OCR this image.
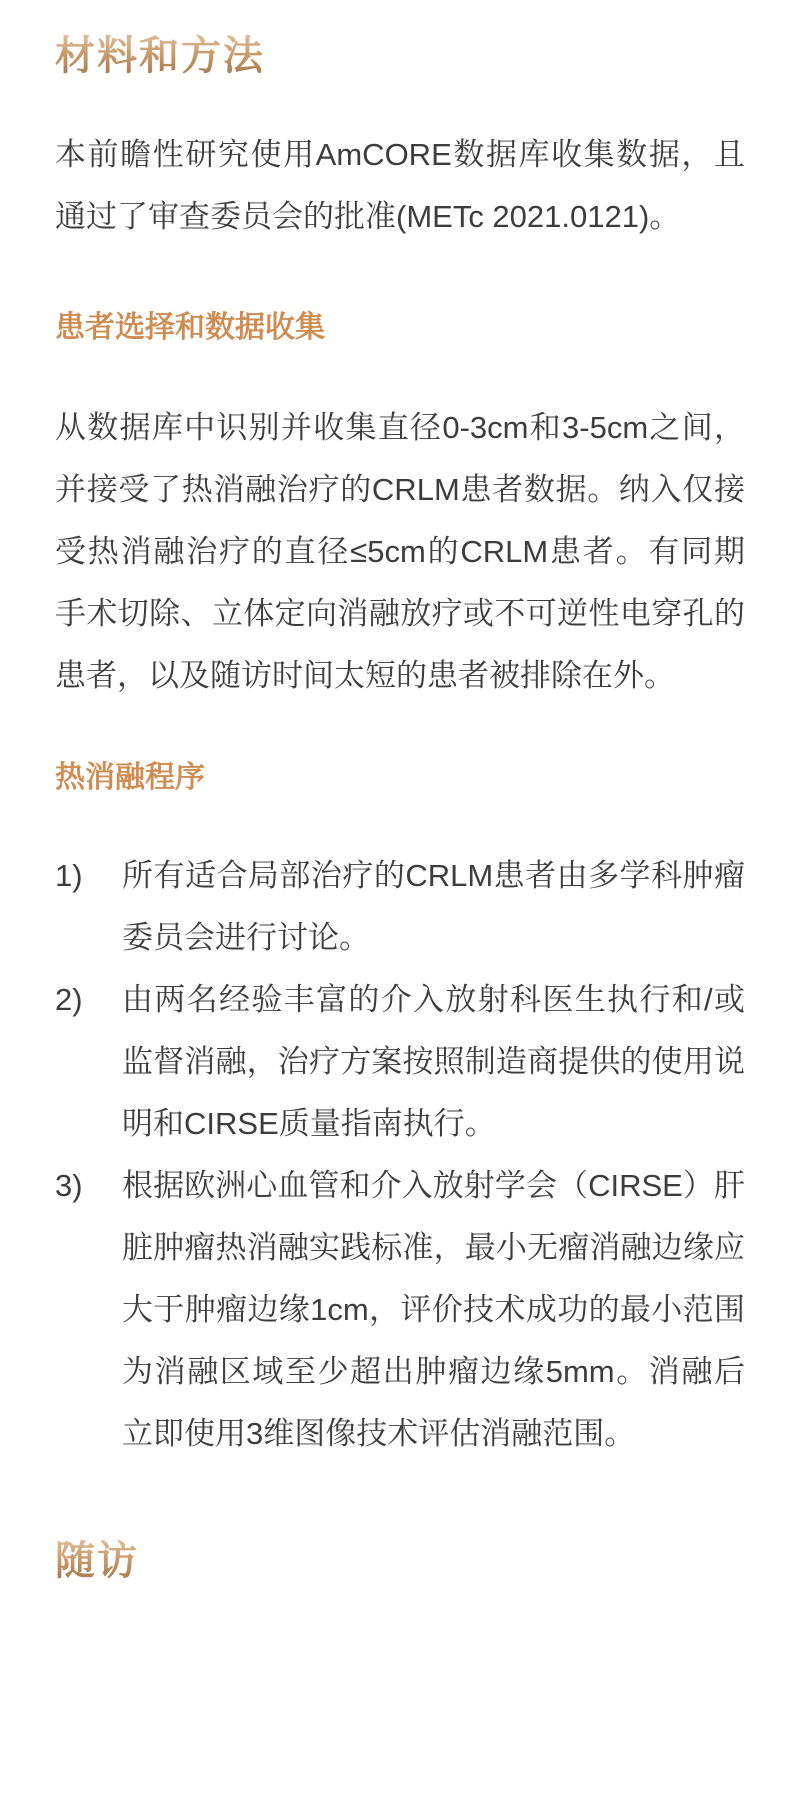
材料和方法

本前瞻性研究使用AmCORE数据库收集数据，且通过了审查委员会的批准(METc 2021.0121)。

患者选择和数据收集

从数据库中识别并收集直径0-3cm和3-5cm之间， 并接受了热消融治疗的CRLM患者数据。纳入仅接受热消融治疗的直径≤5cm的CRLM患者。有同期手术切除、立体定向消融放疗或不可逆性电穿孔的患者，以及随访时间太短的患者被排除在外。

热消融程序
1) 所有适合局部治疗的CRLM患者由多学科肿瘤委员会进行讨论。
2) 由两名经验丰富的介入放射科医生执行和/或监督消融，治疗方案按照制造商提供的使用说明和CIRSE质量指南执行。
3) 根据欧洲心血管和介入放射学会（CIRSE）肝脏肿瘤热消融实践标准，最小无瘤消融边缘应大于肿瘤边缘1cm，评价技术成功的最小范围为消融区域至少超出肿瘤边缘5mm。消融后立即使用3维图像技术评估消融范围。
随访
